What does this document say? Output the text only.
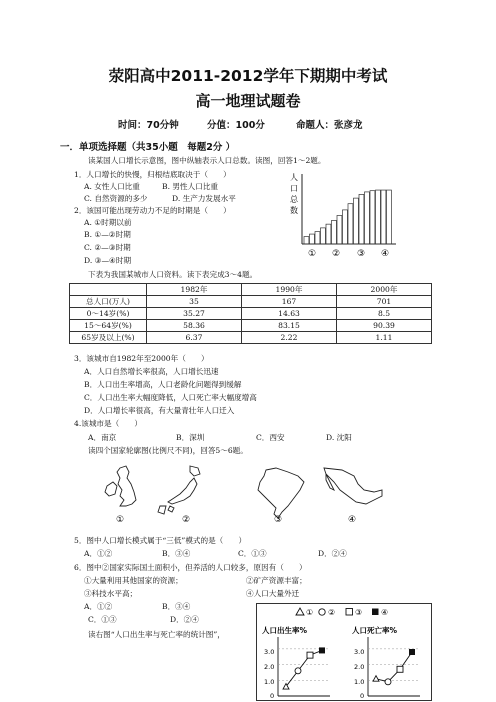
荥阳高中2011-2012学年下期期中考试
高一地理试题卷
时间：70分钟	分值：100分	命题人：张彦龙
一．单项选择题（共35小题　每题2分 ）
读某国人口增长示意图，图中纵轴表示人口总数。读图，回答1～2题。
1．人口增长的快慢，归根结底取决于（　　）
A. 女性人口比重	B. 男性人口比重
C. 自然资源的多少	D. 生产力发展水平
2．该国可能出现劳动力不足的时期是（　　）
A. ①时期以前
B. ①—②时期
C. ②—③时期
D. ③—④时期
人
口
总
数
① ② ③ ④
下表为我国某城市人口资料。读下表完成3～4题。
	1982年	1990年	2000年
总人口(万人)	35	167	701
0～14岁(%)	35.27	14.63	8.5
15～64岁(%)	58.36	83.15	90.39
65岁及以上(%)	6.37	2.22	1.11
3．该城市自1982年至2000年（　　）
A．人口自然增长率很高，人口增长迅速
B．人口出生率增高，人口老龄化问题得到缓解
C．人口出生率大幅度降低，人口死亡率大幅度增高
D．人口增长率很高，有大量青壮年人口迁入
4.该城市是（　　）
A．南京	B．深圳	C．西安	D. 沈阳
读四个国家轮廓图(比例尺不同)，回答5～6题。
①	②	③	④
5．图中人口增长模式属于“三低”模式的是（　　）
A．①②	B．③④	C．①③	D．②④
6．图中②国家实际国土面积小，但养活的人口较多，原因有（　　）
①大量利用其他国家的资源；	②矿产资源丰富；
③科技水平高；	④人口大量外迁
A．①②	B．③④
C．①③	D．②④
读右图“人口出生率与死亡率的统计图”，
① ② ③ ④
人口出生率%	人口死亡率%
3.0
2.0
1.0
0
3.0
2.0
1.0
0
